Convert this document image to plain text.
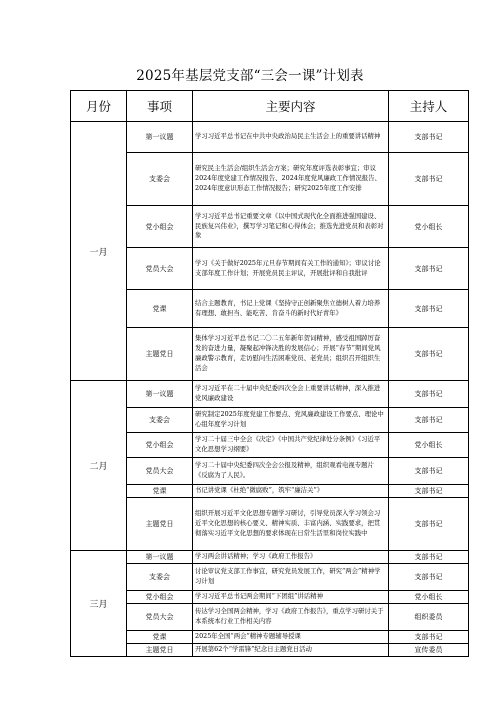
2025年基层党支部“三会一课”计划表
月份	事项	主要内容	主持人
一月	第一议题	学习习近平总书记在中共中央政治局民主生活会上的重要讲话精神	支部书记
	支委会	研究民主生活会/组织生活会方案；研究年度评选表彰事宜；审议2024年度党建工作情况报告、2024年度党风廉政工作情况报告、2024年度意识形态工作情况报告；研究2025年度工作安排	支部书记
	党小组会	学习习近平总书记重要文章《以中国式现代化全面推进强国建设、民族复兴伟业》，撰写学习笔记和心得体会；推选先进党员和表彰对象	党小组长
	党员大会	学习《关于做好2025年元旦春节期间有关工作的通知》；审议讨论支部年度工作计划；开展党员民主评议，开展批评和自我批评	支部书记
	党课	结合主题教育，书记上党课《坚持守正创新聚焦立德树人着力培养有理想、敢担当、能吃苦、肯奋斗的新时代好青年》	支部书记
	主题党日	集体学习习近平总书记二〇二五年新年贺词精神，感受祖国踔厉奋发的奋进力量，凝聚起冲锋决胜的发展信心；开展“春节”期间党风廉政警示教育，走访慰问生活困难党员、老党员；组织召开组织生活会	支部书记
二月	第一议题	学习习近平在二十届中央纪委四次全会上重要讲话精神，深入推进党风廉政建设	支部书记
	支委会	研究制定2025年度党建工作要点、党风廉政建设工作要点、理论中心组年度学习计划	支部书记
	党小组会	学习二十届三中全会《决定》《中国共产党纪律处分条例》《习近平文化思想学习纲要》	党小组长
	党员大会	学习二十届中央纪委四次全会公报及精神，组织观看电视专题片《反腐为了人民》。	支部书记
	党课	书记讲党课《杜绝“微腐败”，筑牢“廉洁关”》	支部书记
	主题党日	组织开展习近平文化思想专题学习研讨，引导党员深入学习领会习近平文化思想的核心要义、精神实质、丰富内涵、实践要求，把贯彻落实习近平文化思想的要求体现在日常生活里和岗位实践中	支部书记
三月	第一议题	学习两会讲话精神；学习《政府工作报告》	支部书记
	支委会	讨论审议党支部工作事宜，研究党员发展工作，研究“两会”精神学习计划	支部书记
	党小组会	学习习近平总书记两会期间“下团组”讲话精神	党小组长
	党员大会	传达学习全国两会精神，学习《政府工作报告》，重点学习研讨关于本系统本行业工作相关内容	组织委员
	党课	2025年全国“两会”精神专题辅导授课	支部书记
	主题党日	开展第62个“学雷锋”纪念日主题党日活动	宣传委员
